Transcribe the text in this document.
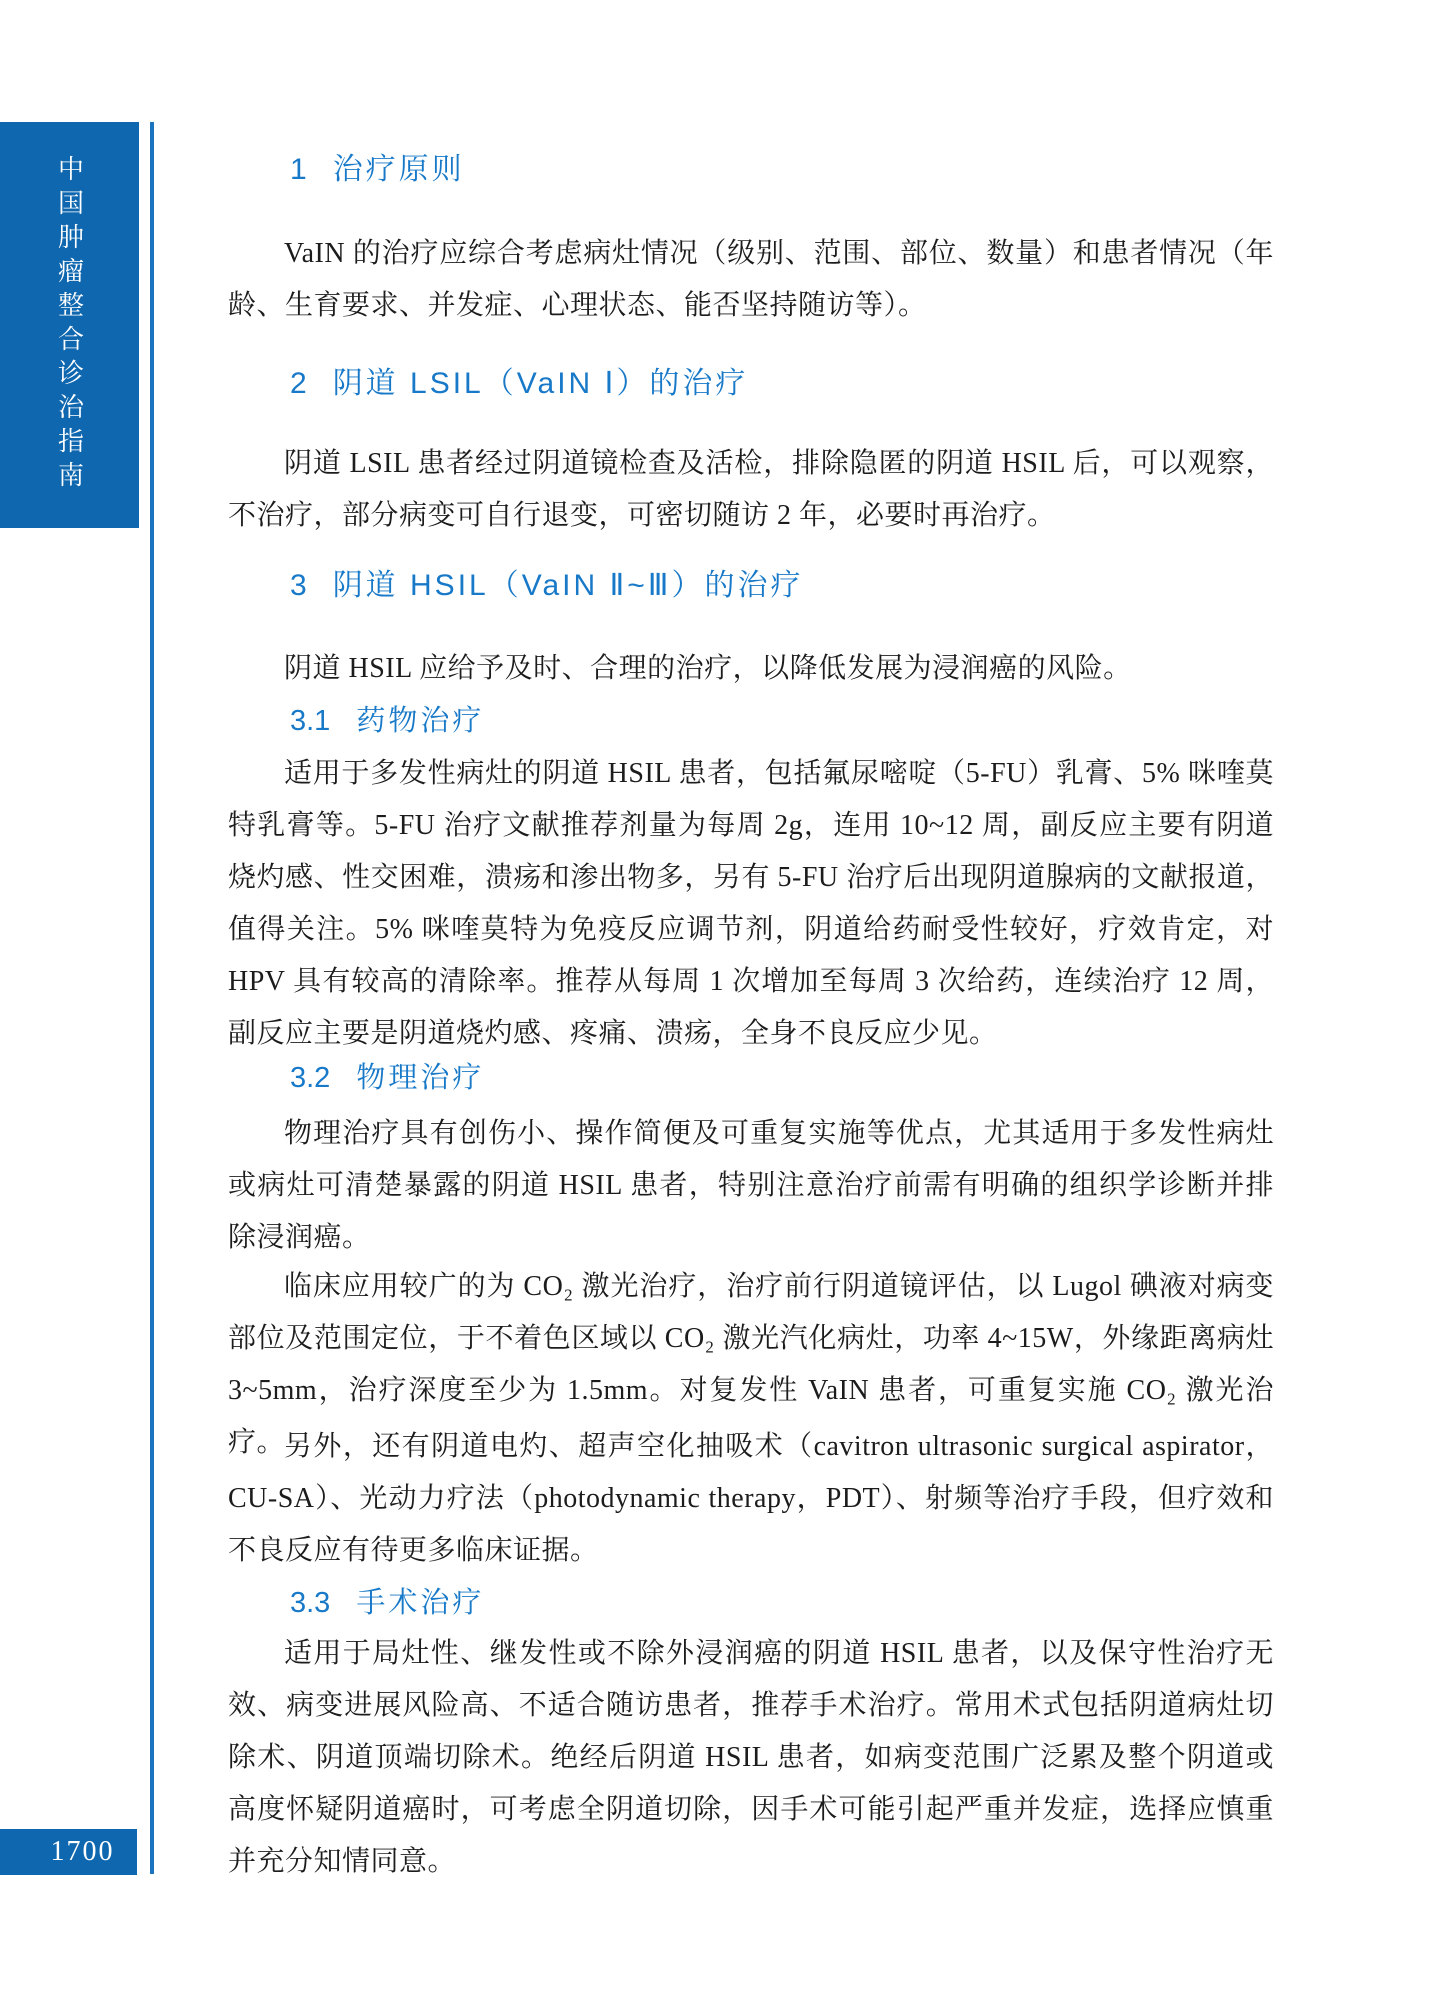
中国肿瘤整合诊治指南
1700
1 治疗原则

VaIN 的治疗应综合考虑病灶情况（级别、范围、部位、数量）和患者情况（年龄、生育要求、并发症、心理状态、能否坚持随访等）。

2 阴道 LSIL（VaIN Ⅰ）的治疗

阴道 LSIL 患者经过阴道镜检查及活检，排除隐匿的阴道 HSIL 后，可以观察，不治疗，部分病变可自行退变，可密切随访 2 年，必要时再治疗。

3 阴道 HSIL（VaIN Ⅱ~Ⅲ）的治疗

阴道 HSIL 应给予及时、合理的治疗，以降低发展为浸润癌的风险。

3.1 药物治疗

适用于多发性病灶的阴道 HSIL 患者，包括氟尿嘧啶（5-FU）乳膏、5% 咪喹莫特乳膏等。5-FU 治疗文献推荐剂量为每周 2g，连用 10~12 周，副反应主要有阴道烧灼感、性交困难，溃疡和渗出物多，另有 5-FU 治疗后出现阴道腺病的文献报道，值得关注。5% 咪喹莫特为免疫反应调节剂，阴道给药耐受性较好，疗效肯定，对 HPV 具有较高的清除率。推荐从每周 1 次增加至每周 3 次给药，连续治疗 12 周，副反应主要是阴道烧灼感、疼痛、溃疡，全身不良反应少见。

3.2 物理治疗

物理治疗具有创伤小、操作简便及可重复实施等优点，尤其适用于多发性病灶或病灶可清楚暴露的阴道 HSIL 患者，特别注意治疗前需有明确的组织学诊断并排除浸润癌。

临床应用较广的为 CO₂ 激光治疗，治疗前行阴道镜评估，以 Lugol 碘液对病变部位及范围定位，于不着色区域以 CO₂ 激光汽化病灶，功率 4~15W，外缘距离病灶 3~5mm，治疗深度至少为 1.5mm。对复发性 VaIN 患者，可重复实施 CO₂ 激光治疗。

另外，还有阴道电灼、超声空化抽吸术（cavitron ultrasonic surgical aspirator，CU-SA）、光动力疗法（photodynamic therapy，PDT）、射频等治疗手段，但疗效和不良反应有待更多临床证据。

3.3 手术治疗

适用于局灶性、继发性或不除外浸润癌的阴道 HSIL 患者，以及保守性治疗无效、病变进展风险高、不适合随访患者，推荐手术治疗。常用术式包括阴道病灶切除术、阴道顶端切除术。绝经后阴道 HSIL 患者，如病变范围广泛累及整个阴道或高度怀疑阴道癌时，可考虑全阴道切除，因手术可能引起严重并发症，选择应慎重并充分知情同意。
